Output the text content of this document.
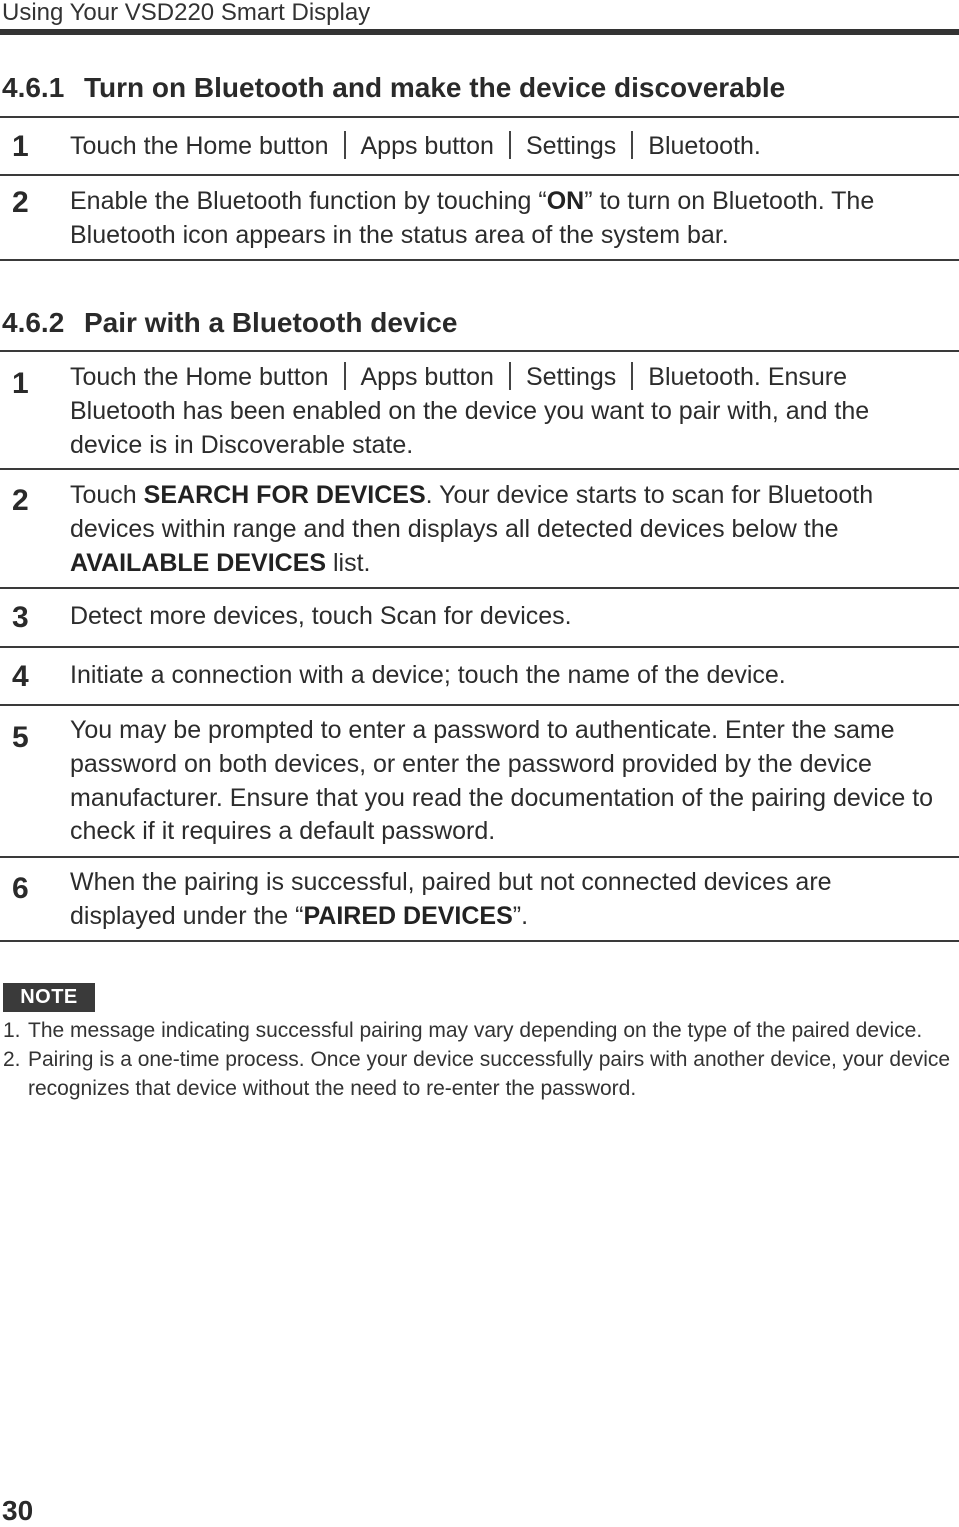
Using Your VSD220 Smart Display
4.6.1 Turn on Bluetooth and make the device discoverable
1 Touch the Home button Apps button Settings Bluetooth.
2 Enable the Bluetooth function by touching “ON” to turn on Bluetooth. The Bluetooth icon appears in the status area of the system bar.
4.6.2 Pair with a Bluetooth device
1 Touch the Home button Apps button Settings Bluetooth. Ensure Bluetooth has been enabled on the device you want to pair with, and the device is in Discoverable state.
2 Touch SEARCH FOR DEVICES. Your device starts to scan for Bluetooth devices within range and then displays all detected devices below the AVAILABLE DEVICES list.
3 Detect more devices, touch Scan for devices.
4 Initiate a connection with a device; touch the name of the device.
5 You may be prompted to enter a password to authenticate. Enter the same password on both devices, or enter the password provided by the device manufacturer. Ensure that you read the documentation of the pairing device to check if it requires a default password.
6 When the pairing is successful, paired but not connected devices are displayed under the “PAIRED DEVICES”.
NOTE
1. The message indicating successful pairing may vary depending on the type of the paired device.
2. Pairing is a one-time process. Once your device successfully pairs with another device, your device recognizes that device without the need to re-enter the password.
30
